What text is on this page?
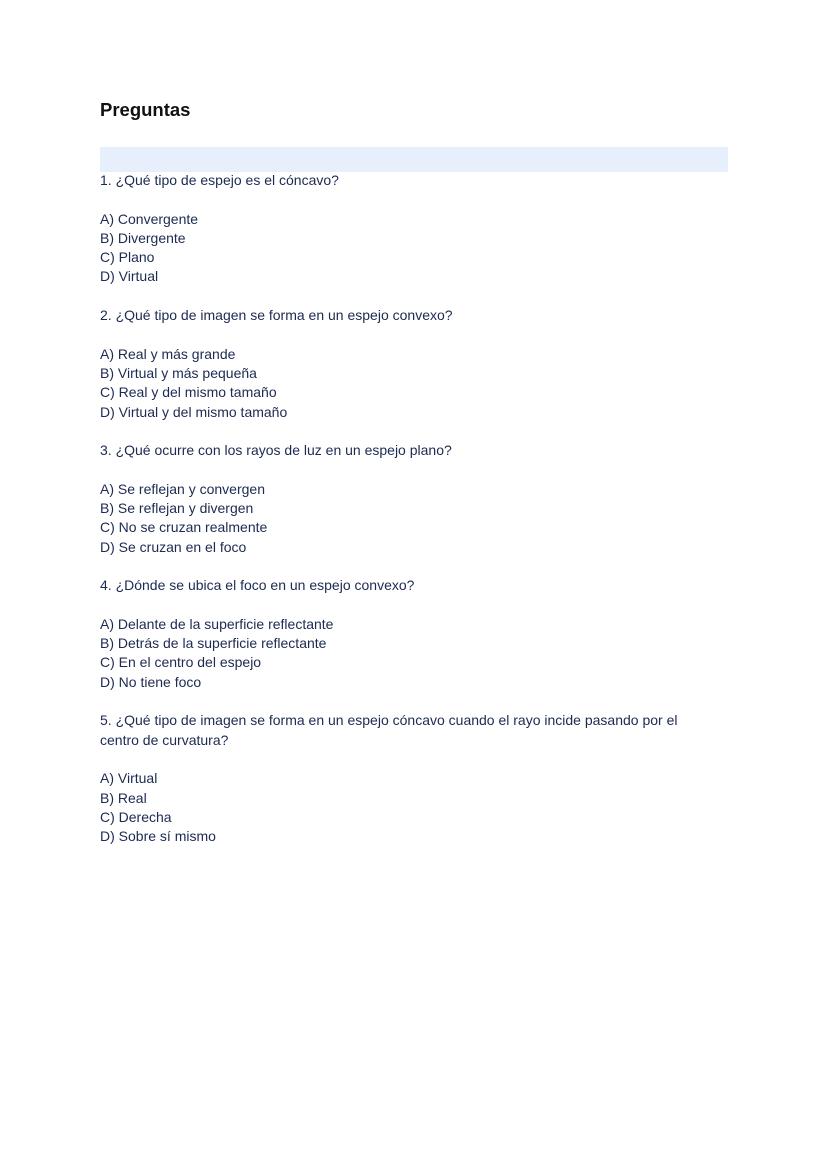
Preguntas

1. ¿Qué tipo de espejo es el cóncavo?

A) Convergente

B) Divergente

C) Plano

D) Virtual

2. ¿Qué tipo de imagen se forma en un espejo convexo?

A) Real y más grande

B) Virtual y más pequeña

C) Real y del mismo tamaño

D) Virtual y del mismo tamaño

3. ¿Qué ocurre con los rayos de luz en un espejo plano?

A) Se reflejan y convergen

B) Se reflejan y divergen

C) No se cruzan realmente

D) Se cruzan en el foco

4. ¿Dónde se ubica el foco en un espejo convexo?

A) Delante de la superficie reflectante

B) Detrás de la superficie reflectante

C) En el centro del espejo

D) No tiene foco

5. ¿Qué tipo de imagen se forma en un espejo cóncavo cuando el rayo incide pasando por el centro de curvatura?

A) Virtual

B) Real

C) Derecha

D) Sobre sí mismo
